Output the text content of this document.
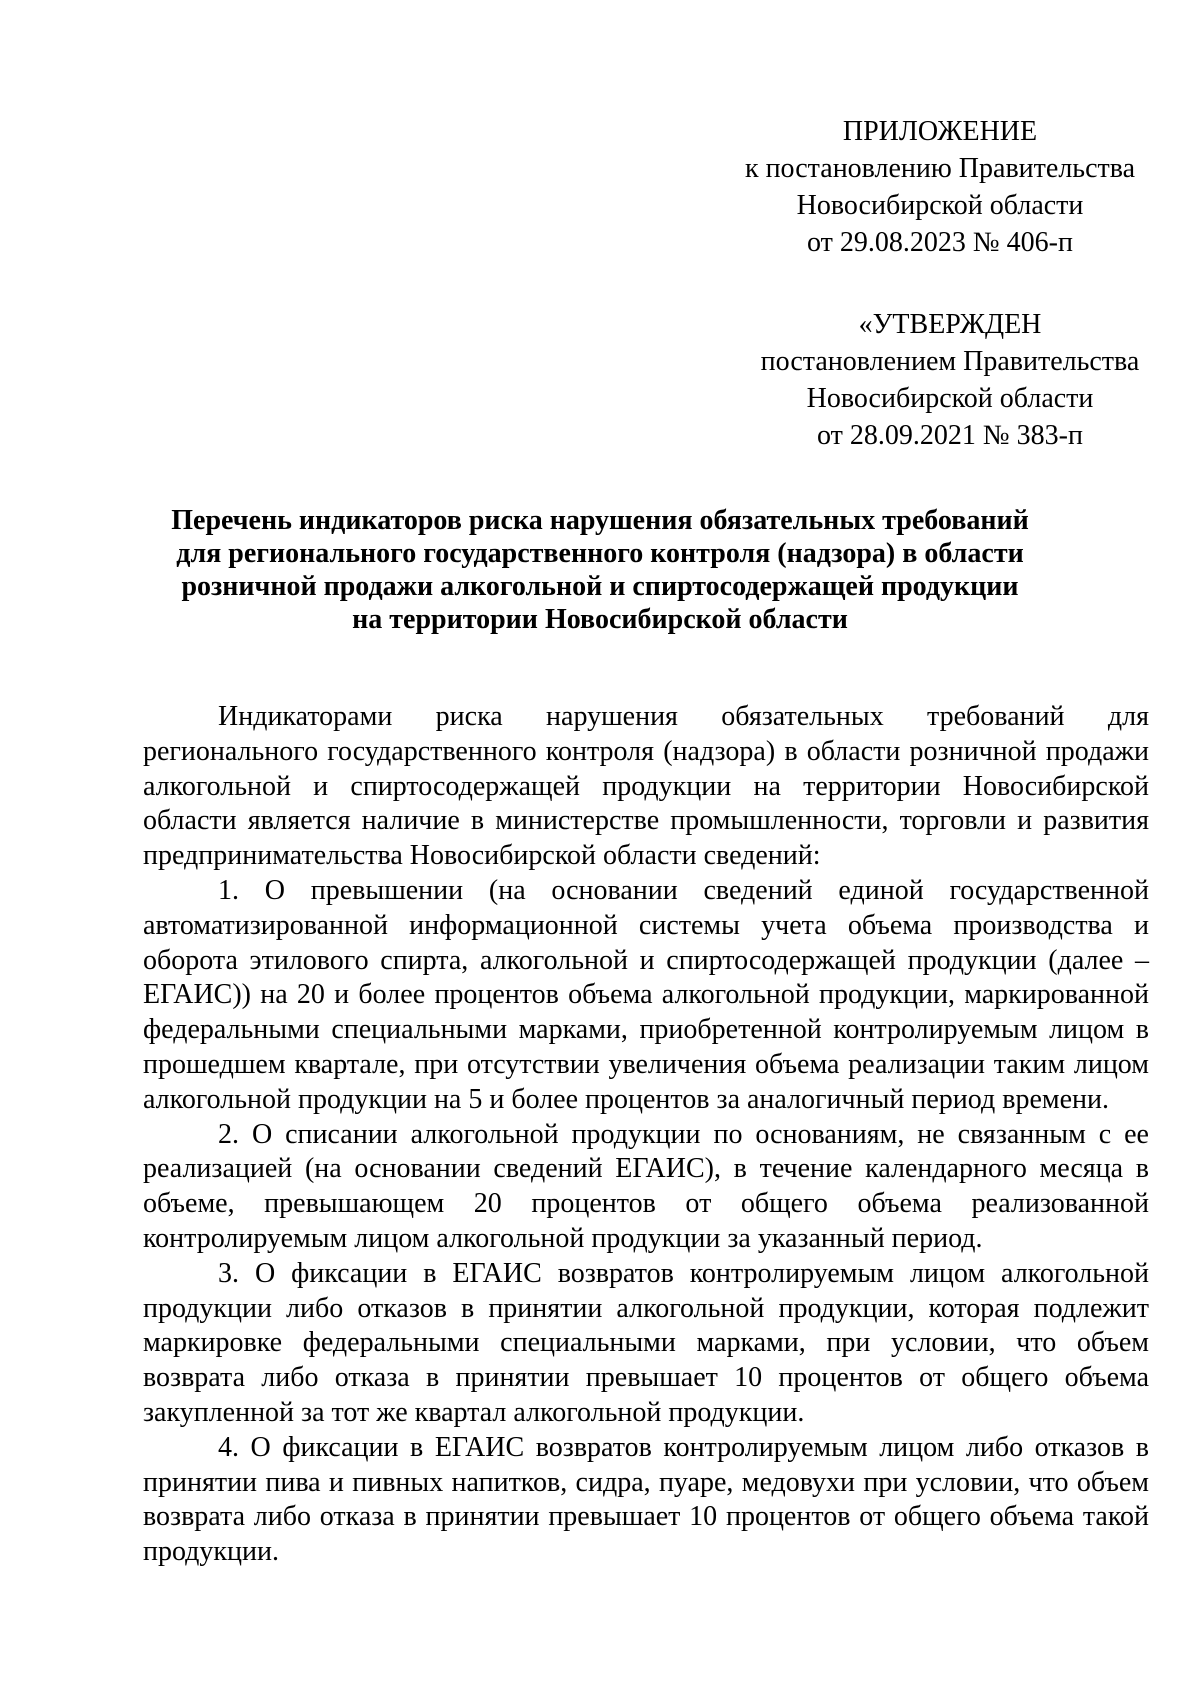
ПРИЛОЖЕНИЕ
к постановлению Правительства
Новосибирской области
от 29.08.2023 № 406-п
«УТВЕРЖДЕН
постановлением Правительства
Новосибирской области
от 28.09.2021 № 383-п
Перечень индикаторов риска нарушения обязательных требований
для регионального государственного контроля (надзора) в области
розничной продажи алкогольной и спиртосодержащей продукции
на территории Новосибирской области

Индикаторами риска нарушения обязательных требований для регионального государственного контроля (надзора) в области розничной продажи алкогольной и спиртосодержащей продукции на территории Новосибирской области является наличие в министерстве промышленности, торговли и развития предпринимательства Новосибирской области сведений:

1. О превышении (на основании сведений единой государственной автоматизированной информационной системы учета объема производства и оборота этилового спирта, алкогольной и спиртосодержащей продукции (далее – ЕГАИС)) на 20 и более процентов объема алкогольной продукции, маркированной федеральными специальными марками, приобретенной контролируемым лицом в прошедшем квартале, при отсутствии увеличения объема реализации таким лицом алкогольной продукции на 5 и более процентов за аналогичный период времени.

2. О списании алкогольной продукции по основаниям, не связанным с ее реализацией (на основании сведений ЕГАИС), в течение календарного месяца в объеме, превышающем 20 процентов от общего объема реализованной контролируемым лицом алкогольной продукции за указанный период.

3. О фиксации в ЕГАИС возвратов контролируемым лицом алкогольной продукции либо отказов в принятии алкогольной продукции, которая подлежит маркировке федеральными специальными марками, при условии, что объем возврата либо отказа в принятии превышает 10 процентов от общего объема закупленной за тот же квартал алкогольной продукции.

4. О фиксации в ЕГАИС возвратов контролируемым лицом либо отказов в принятии пива и пивных напитков, сидра, пуаре, медовухи при условии, что объем возврата либо отказа в принятии превышает 10 процентов от общего объема такой продукции.
